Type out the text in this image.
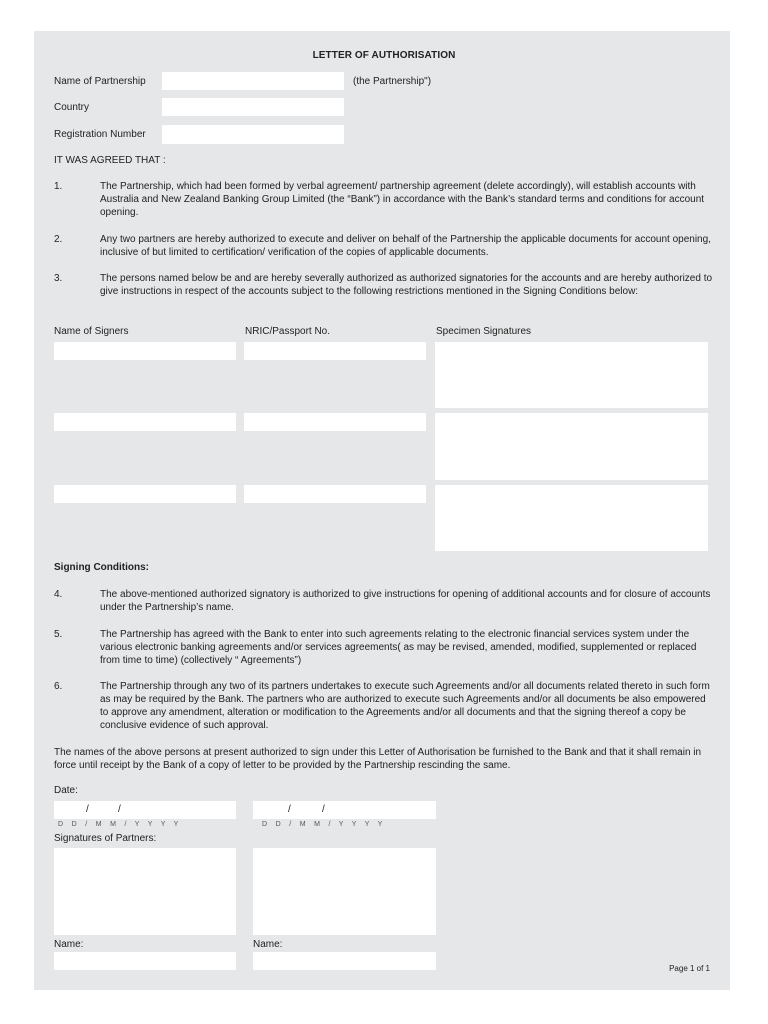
LETTER OF AUTHORISATION
Name of Partnership	(the Partnership")
Country
Registration Number
IT WAS AGREED THAT :
1.	The Partnership, which had been formed by verbal agreement/ partnership agreement (delete accordingly), will establish accounts with Australia and New Zealand Banking Group Limited (the “Bank”) in accordance with the Bank’s standard terms and conditions for account opening.
2.	Any two partners are hereby authorized to execute and deliver on behalf of the Partnership the applicable documents for account opening, inclusive of but limited to certification/ verification of the copies of applicable documents.
3.	The persons named below be and are hereby severally authorized as authorized signatories for the accounts and are hereby authorized to give instructions in respect of the accounts subject to the following restrictions mentioned in the Signing Conditions below:
Name of Signers	NRIC/Passport No.	Specimen Signatures
Signing Conditions:
4.	The above-mentioned authorized signatory is authorized to give instructions for opening of additional accounts and for closure of accounts under the Partnership’s name.
5.	The Partnership has agreed with the Bank to enter into such agreements relating to the electronic financial services system under the various electronic banking agreements and/or services agreements( as may be revised, amended, modified, supplemented or replaced from time to time) (collectively “ Agreements”)
6.	The Partnership through any two of its partners undertakes to execute such Agreements and/or all documents related thereto in such form as may be required by the Bank. The partners who are authorized to execute such Agreements and/or all documents be also empowered to approve any amendment, alteration or modification to the Agreements and/or all documents and that the signing thereof a copy be conclusive evidence of such approval.
The names of the above persons at present authorized to sign under this Letter of Authorisation be furnished to the Bank and that it shall remain in force until receipt by the Bank of a copy of letter to be provided by the Partnership rescinding the same.
Date:
/	/
D D / M M / Y Y Y Y
/	/
D D / M M / Y Y Y Y
Signatures of Partners:
Name:	Name:
Page 1 of 1
